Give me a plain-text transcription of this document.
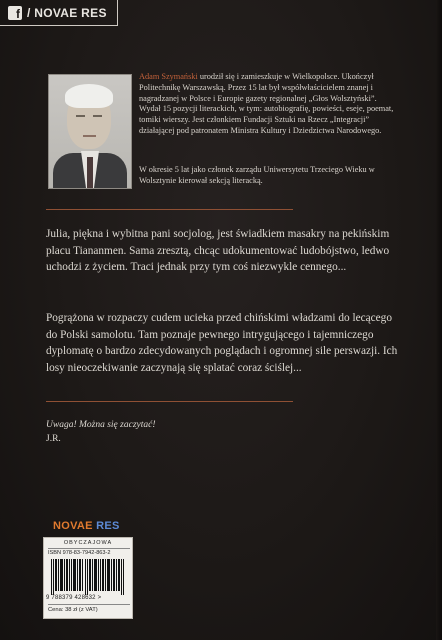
f / NOVAE RES
Adam Szymański urodził się i zamieszkuje w Wielkopolsce. Ukończył Politechnikę Warszawską. Przez 15 lat był współwłaścicielem znanej i nagradzanej w Polsce i Europie gazety regionalnej „Głos Wolsztyński”. Wydał 15 pozycji literackich, w tym: autobiografię, powieści, eseje, poemat, tomiki wierszy. Jest członkiem Fundacji Sztuki na Rzecz „Integracji” działającej pod patronatem Ministra Kultury i Dziedzictwa Narodowego.
W okresie 5 lat jako członek zarządu Uniwersytetu Trzeciego Wieku w Wolsztynie kierował sekcją literacką.
Julia, piękna i wybitna pani socjolog, jest świadkiem masakry na pekińskim placu Tiananmen. Sama zresztą, chcąc udokumentować ludobójstwo, ledwo uchodzi z życiem. Traci jednak przy tym coś niezwykle cennego...
Pogrążona w rozpaczy cudem ucieka przed chińskimi władzami do lecącego do Polski samolotu. Tam poznaje pewnego intrygującego i tajemniczego dyplomatę o bardzo zdecydowanych poglądach i ogromnej sile perswazji. Ich losy nieoczekiwanie zaczynają się splatać coraz ściślej...
Uwaga! Można się zaczytać!
J.R.
NOVAE RES
OBYCZAJOWA
ISBN 978-83-7942-863-2
9 788379 428632 >
Cena: 38 zł (z VAT)
